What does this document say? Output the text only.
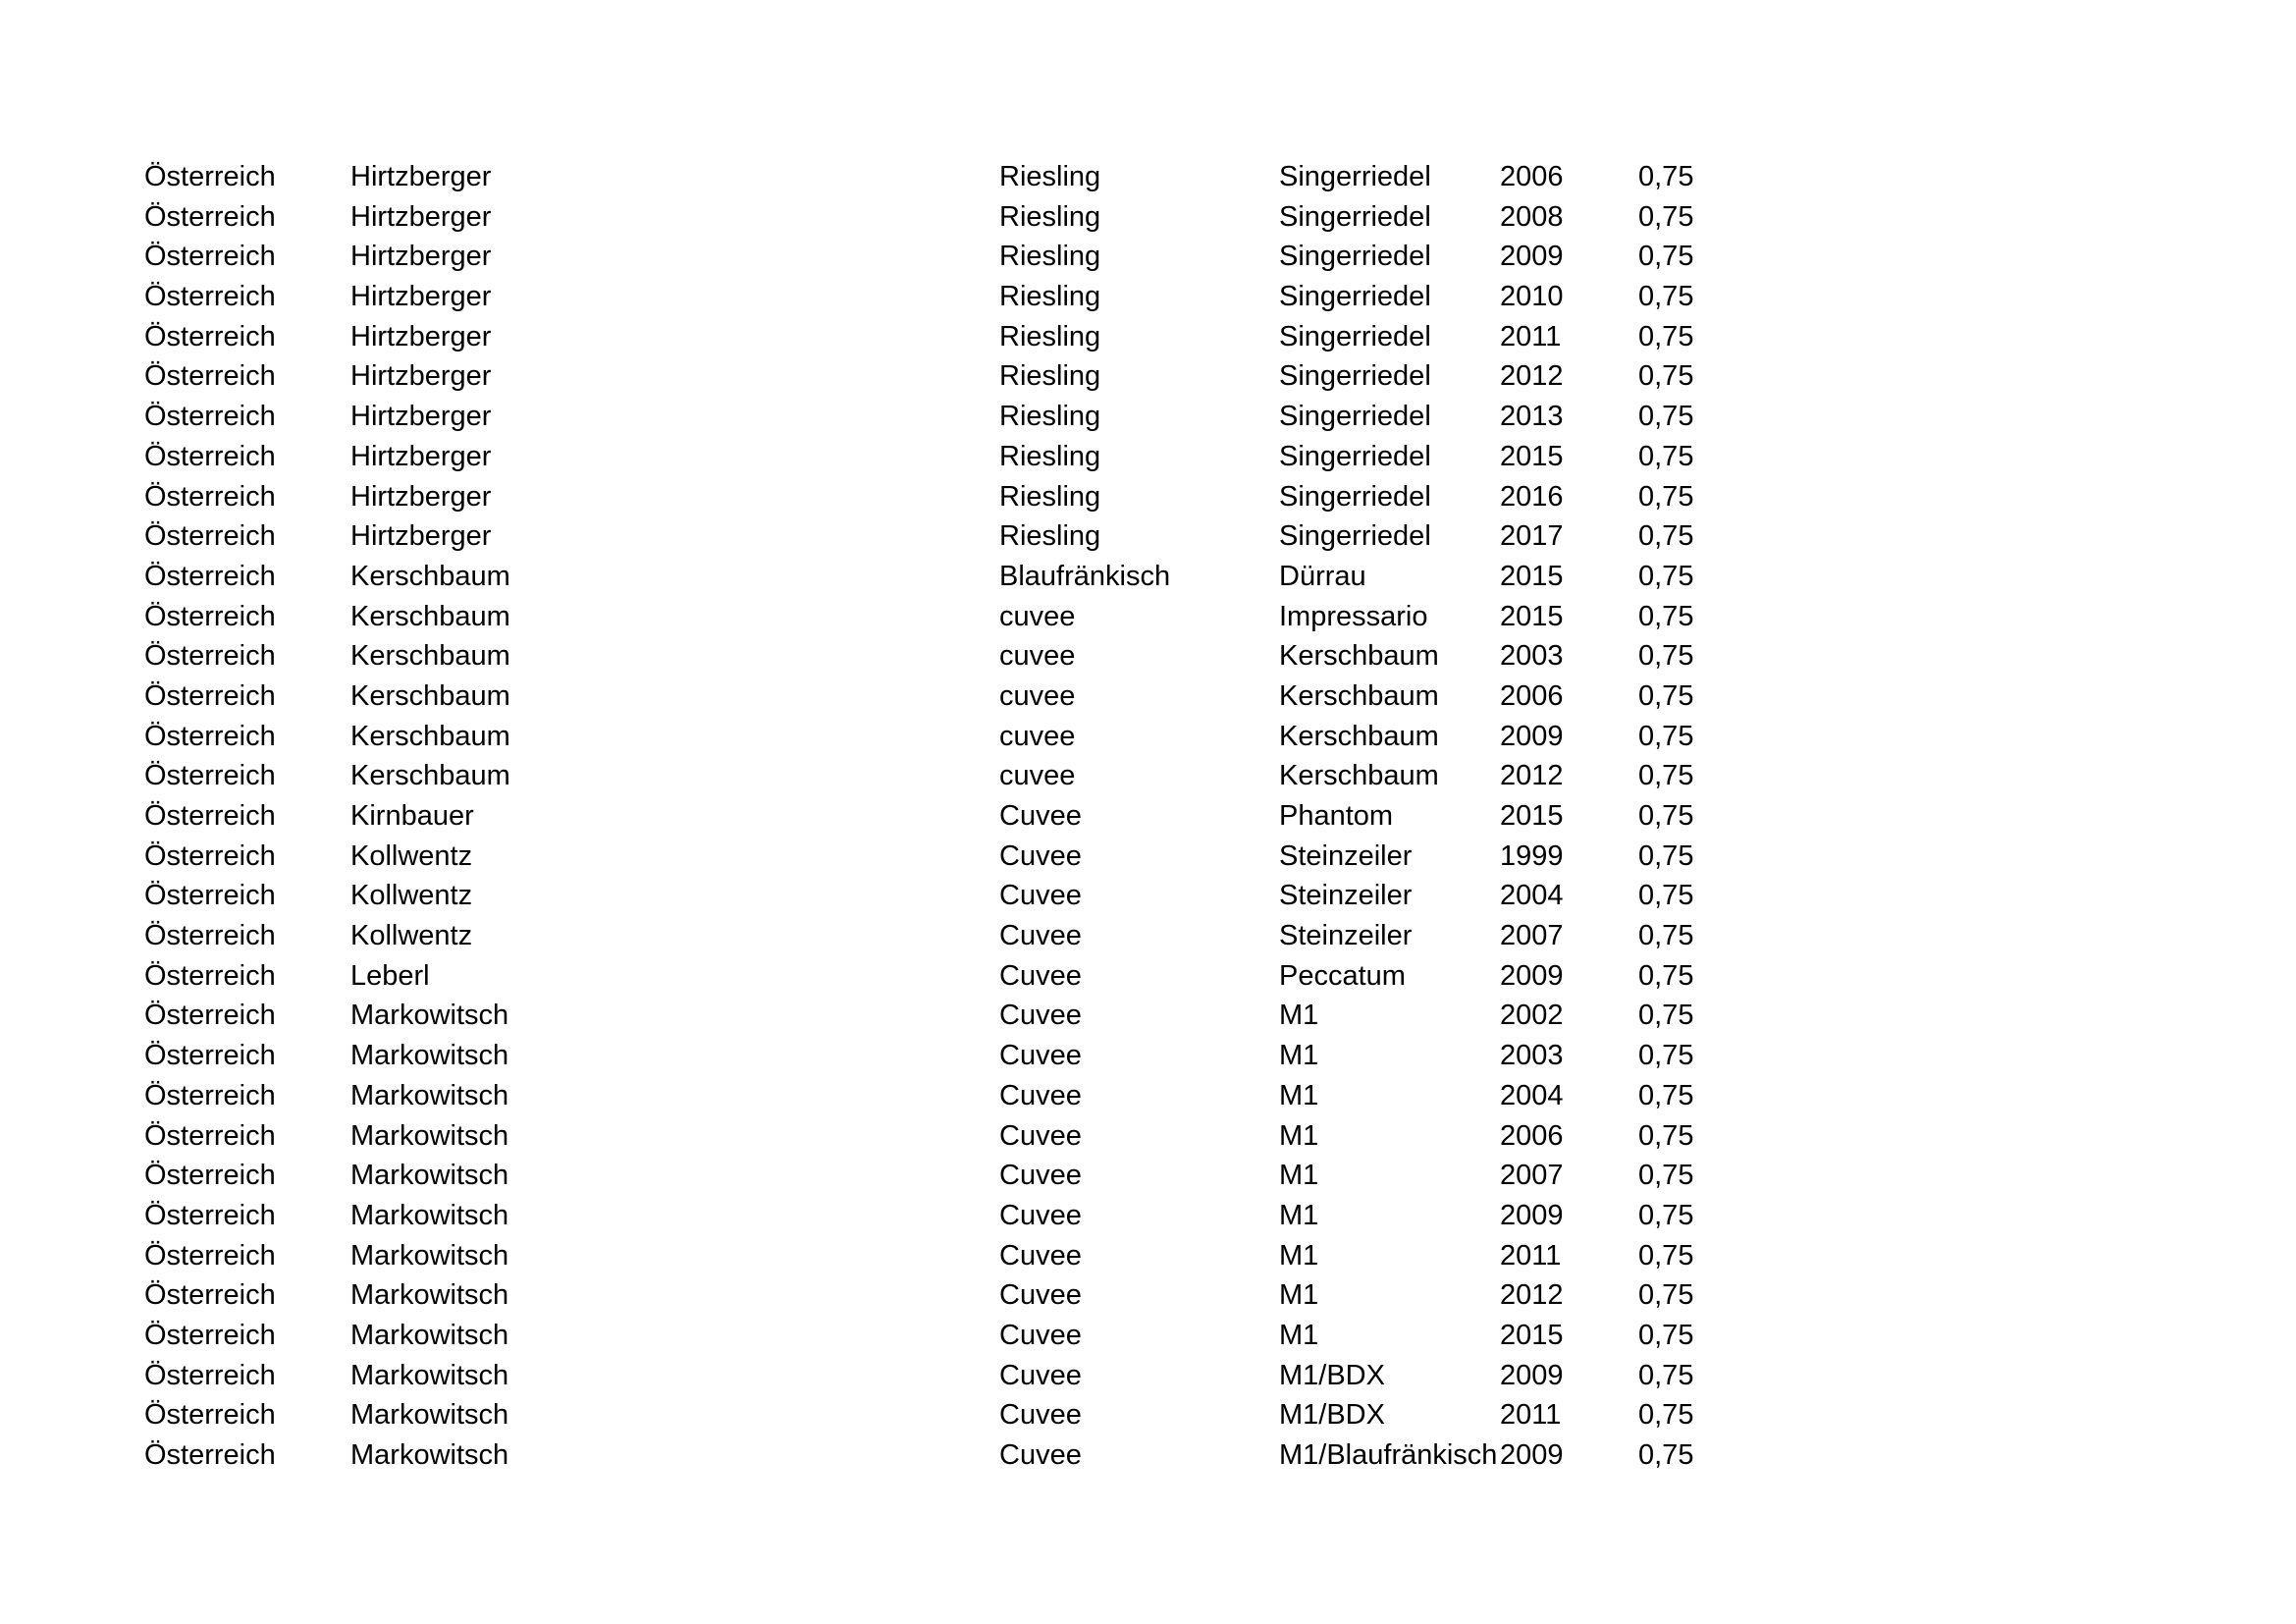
Österreich	Hirtzberger	Riesling	Singerriedel	2006	0,75
Österreich	Hirtzberger	Riesling	Singerriedel	2008	0,75
Österreich	Hirtzberger	Riesling	Singerriedel	2009	0,75
Österreich	Hirtzberger	Riesling	Singerriedel	2010	0,75
Österreich	Hirtzberger	Riesling	Singerriedel	2011	0,75
Österreich	Hirtzberger	Riesling	Singerriedel	2012	0,75
Österreich	Hirtzberger	Riesling	Singerriedel	2013	0,75
Österreich	Hirtzberger	Riesling	Singerriedel	2015	0,75
Österreich	Hirtzberger	Riesling	Singerriedel	2016	0,75
Österreich	Hirtzberger	Riesling	Singerriedel	2017	0,75
Österreich	Kerschbaum	Blaufränkisch	Dürrau	2015	0,75
Österreich	Kerschbaum	cuvee	Impressario	2015	0,75
Österreich	Kerschbaum	cuvee	Kerschbaum	2003	0,75
Österreich	Kerschbaum	cuvee	Kerschbaum	2006	0,75
Österreich	Kerschbaum	cuvee	Kerschbaum	2009	0,75
Österreich	Kerschbaum	cuvee	Kerschbaum	2012	0,75
Österreich	Kirnbauer	Cuvee	Phantom	2015	0,75
Österreich	Kollwentz	Cuvee	Steinzeiler	1999	0,75
Österreich	Kollwentz	Cuvee	Steinzeiler	2004	0,75
Österreich	Kollwentz	Cuvee	Steinzeiler	2007	0,75
Österreich	Leberl	Cuvee	Peccatum	2009	0,75
Österreich	Markowitsch	Cuvee	M1	2002	0,75
Österreich	Markowitsch	Cuvee	M1	2003	0,75
Österreich	Markowitsch	Cuvee	M1	2004	0,75
Österreich	Markowitsch	Cuvee	M1	2006	0,75
Österreich	Markowitsch	Cuvee	M1	2007	0,75
Österreich	Markowitsch	Cuvee	M1	2009	0,75
Österreich	Markowitsch	Cuvee	M1	2011	0,75
Österreich	Markowitsch	Cuvee	M1	2012	0,75
Österreich	Markowitsch	Cuvee	M1	2015	0,75
Österreich	Markowitsch	Cuvee	M1/BDX	2009	0,75
Österreich	Markowitsch	Cuvee	M1/BDX	2011	0,75
Österreich	Markowitsch	Cuvee	M1/Blaufränkisch 2009	0,75
